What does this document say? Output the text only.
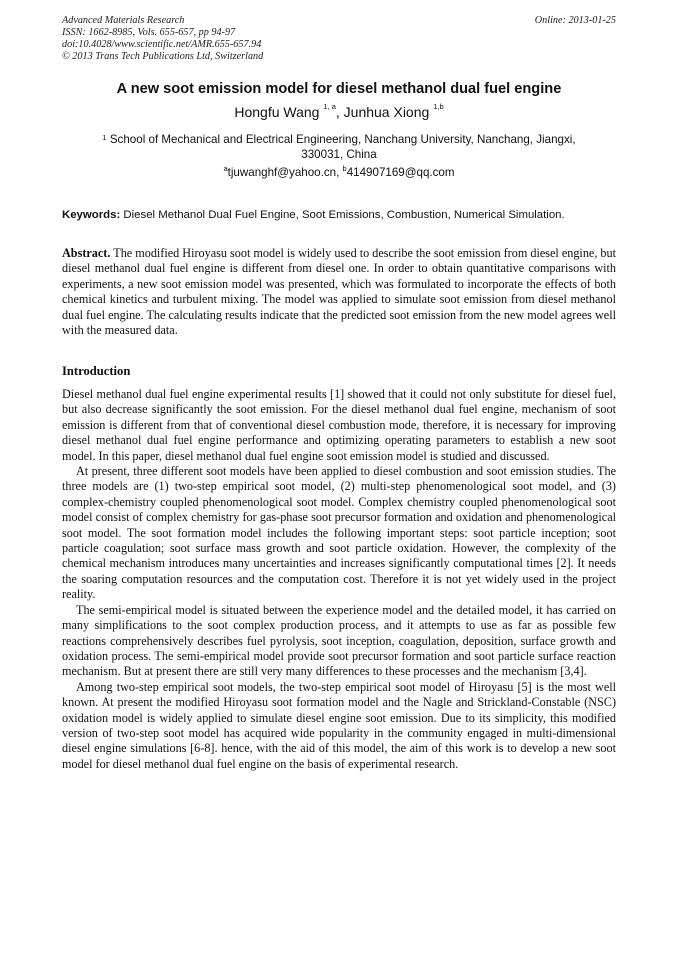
Advanced Materials Research
ISSN: 1662-8985, Vols. 655-657, pp 94-97
doi:10.4028/www.scientific.net/AMR.655-657.94
© 2013 Trans Tech Publications Ltd, Switzerland
Online: 2013-01-25
A new soot emission model for diesel methanol dual fuel engine
Hongfu Wang $^{1, a}$, Junhua Xiong $^{1,b}$
$^1$ School of Mechanical and Electrical Engineering, Nanchang University, Nanchang, Jiangxi, 330031, China
$^a$tjuwanghf@yahoo.cn, $^b$414907169@qq.com
Keywords: Diesel Methanol Dual Fuel Engine, Soot Emissions, Combustion, Numerical Simulation.
Abstract. The modified Hiroyasu soot model is widely used to describe the soot emission from diesel engine, but diesel methanol dual fuel engine is different from diesel one. In order to obtain quantitative comparisons with experiments, a new soot emission model was presented, which was formulated to incorporate the effects of both chemical kinetics and turbulent mixing. The model was applied to simulate soot emission from diesel methanol dual fuel engine. The calculating results indicate that the predicted soot emission from the new model agrees well with the measured data.
Introduction

Diesel methanol dual fuel engine experimental results [1] showed that it could not only substitute for diesel fuel, but also decrease significantly the soot emission. For the diesel methanol dual fuel engine, mechanism of soot emission is different from that of conventional diesel combustion mode, therefore, it is necessary for improving diesel methanol dual fuel engine performance and optimizing operating parameters to establish a new soot model. In this paper, diesel methanol dual fuel engine soot emission model is studied and discussed.

At present, three different soot models have been applied to diesel combustion and soot emission studies. The three models are (1) two-step empirical soot model, (2) multi-step phenomenological soot model, and (3) complex-chemistry coupled phenomenological soot model. Complex chemistry coupled phenomenological soot model consist of complex chemistry for gas-phase soot precursor formation and oxidation and phenomenological soot model. The soot formation model includes the following important steps: soot particle inception; soot particle coagulation; soot surface mass growth and soot particle oxidation. However, the complexity of the chemical mechanism introduces many uncertainties and increases significantly computational times [2]. It needs the soaring computation resources and the computation cost. Therefore it is not yet widely used in the project reality.

The semi-empirical model is situated between the experience model and the detailed model, it has carried on many simplifications to the soot complex production process, and it attempts to use as far as possible few reactions comprehensively describes fuel pyrolysis, soot inception, coagulation, deposition, surface growth and oxidation process. The semi-empirical model provide soot precursor formation and soot particle surface reaction mechanism. But at present there are still very many differences to these processes and the mechanism [3,4].

Among two-step empirical soot models, the two-step empirical soot model of Hiroyasu [5] is the most well known. At present the modified Hiroyasu soot formation model and the Nagle and Strickland-Constable (NSC) oxidation model is widely applied to simulate diesel engine soot emission. Due to its simplicity, this modified version of two-step soot model has acquired wide popularity in the community engaged in multi-dimensional diesel engine simulations [6-8]. hence, with the aid of this model, the aim of this work is to develop a new soot model for diesel methanol dual fuel engine on the basis of experimental research.
